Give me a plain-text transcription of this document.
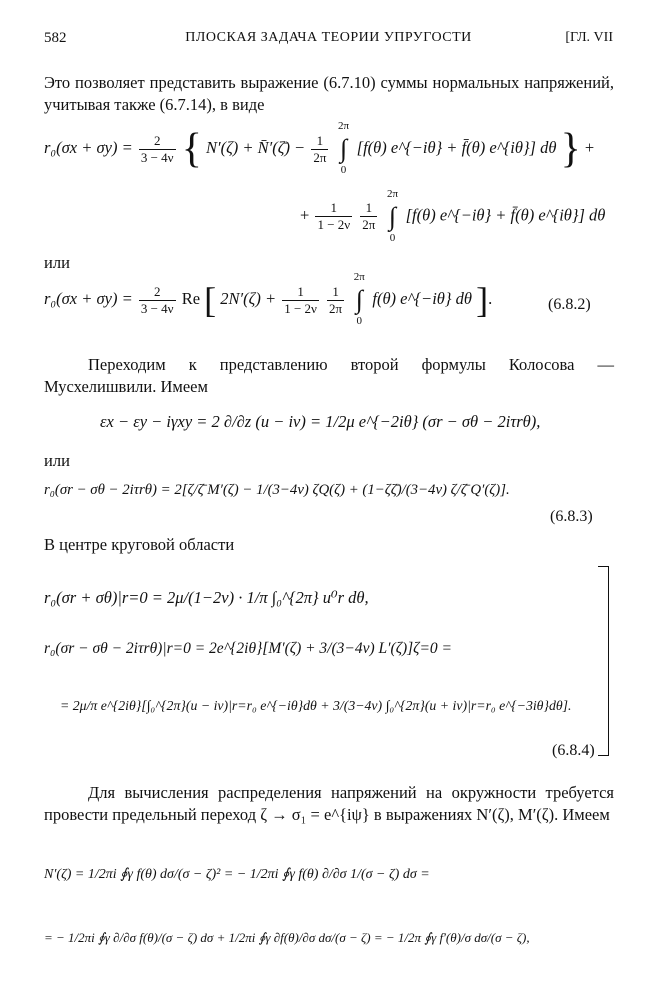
582	ПЛОСКАЯ ЗАДАЧА ТЕОРИИ УПРУГОСТИ	[ГЛ. VII
Это позволяет представить выражение (6.7.10) суммы нормальных напряжений, учитывая также (6.7.14), в виде
$r_0(\sigma x + \sigma y) = \frac{2}{3 - 4\nu}$ { N′(ζ) + N̄′(ζ̄) − $\frac{1}{2\pi}$

2π
∫
0
[f(θ) e^{−iθ} + f̄(θ) e^{iθ}] dθ } +
+ $\frac{1}{1 - 2\nu}$
$\frac{1}{2\pi}$

2π
∫
0
[f(θ) e^{−iθ} + f̄(θ) e^{iθ}] dθ
или
$r_0(\sigma x + \sigma y) = \frac{2}{3 - 4\nu}$ Re [ $2N'(\zeta) + \frac{1}{1 - 2\nu}$
$\frac{1}{2\pi}$

2π
∫
0
f(θ) e^{−iθ} dθ ].	(6.8.2)
Переходим к представлению второй формулы Колосова — Мусхелишвили. Имеем
εx − εy − iγxy = 2 ∂/∂z (u − iv) = 1/2μ e^{−2iθ} (σr − σθ − 2iτrθ),
или
r₀(σr − σθ − 2iτrθ) = 2[ζ/ζ̄ M′(ζ) − 1/(3−4ν) ζQ(ζ) + (1−ζζ̄)/(3−4ν) ζ/ζ̄ Q′(ζ)].
(6.8.3)
В центре круговой области
r₀(σr + σθ)|r=0 = 2μ/(1−2ν) · 1/π ∫₀^{2π} u⁰r dθ,
r₀(σr − σθ − 2iτrθ)|r=0 = 2e^{2iθ}[M′(ζ) + 3/(3−4ν) L′(ζ)]ζ=0 =
= 2μ/π e^{2iθ}[∫₀^{2π}(u − iv)|r=r₀ e^{−iθ}dθ + 3/(3−4ν) ∫₀^{2π}(u + iv)|r=r₀ e^{−3iθ}dθ].
(6.8.4)
Для вычисления распределения напряжений на окружности требуется провести предельный переход ζ → σ₁ = e^{iψ} в выражениях N′(ζ), M′(ζ). Имеем
N′(ζ) = 1/2πi ∮γ f(θ) dσ/(σ − ζ)² = − 1/2πi ∮γ f(θ) ∂/∂σ 1/(σ − ζ) dσ =
= − 1/2πi ∮γ ∂/∂σ f(θ)/(σ − ζ) dσ + 1/2πi ∮γ ∂f(θ)/∂σ dσ/(σ − ζ) = − 1/2π ∮γ f′(θ)/σ dσ/(σ − ζ),
